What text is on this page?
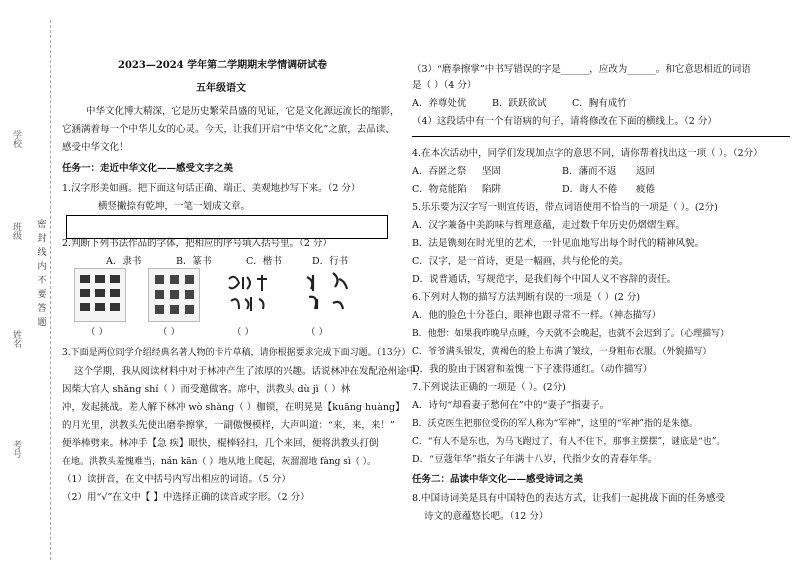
学校
班级
姓名
考号
密
封
线
内
不
要
答
题
2023—2024 学年第二学期期末学情调研试卷
五年级语文
中华文化博大精深，它是历史繁荣昌盛的见证，它是文化源远流长的缩影，
它涵满着每一个中华儿女的心灵。今天，让我们开启“中华文化”之旅，去品读、
感受中华文化！
任务一：走近中华文化——感受文字之美
1.汉字形美如画。把下面这句话正确、端正、美观地抄写下来。（2 分）
横竖撇捺有乾坤，一笔一划成文章。
2.判断下列书法作品的字体，把相应的序号填入括号里。（2 分）
A．隶书	B．篆书	C．楷书	D．行书
（ ）	（ ）	（ ）	（ ）
3.下面是两位同学介绍经典名著人物的卡片草稿，请你根据要求完成下面习题。（13分）
这个学期，我从阅读材料中对于林冲产生了浓厚的兴趣。话说林冲在发配沧州途中，
因柴大官人 shǎng shí（ ）而受邀做客。席中，洪教头 dù jì（ ）林
冲，发起挑战。差人解下林冲 wò shàng（ ）枷锁，在明晃晃【kuāng huàng】
的月光里，洪教头先使出磨拳擦掌，一副傲慢模样，大声叫道：“来，来，来！”
便举棒劈来。林冲手【急 疾】眼快，棍棒轻扫，几个来回，便将洪教头打倒
在地。洪教头羞愧难当，nán kān（ ）地从地上爬起，灰溜溜地 fàng sì（ ）。
（1）读拼音，在文中括号内写出相应的词语。（5 分）
（2）用“√”在文中【 】中选择正确的读音或字形。（2 分）
（3）“磨拳擦掌”中书写错误的字是______，应改为______。和它意思相近的词语
是（ ）（4 分）
A．养尊处优	B．跃跃欲试	C．胸有成竹
（4）这段话中有一个有语病的句子，请将修改在下面的横线上。（2 分）
4.在本次活动中，同学们发现加点字的意思不同，请你帮着找出这一项（ ）。（2分）
A．吞匿之祭 坚固	B．藩而不返 返回
C．物竞能陷 陷阱	D．诲人不倦 疲倦
5.乐乐要为汉字写一则宣传语，带点词语使用不恰当的一项是（ ）。(2分)
A．汉字兼备中美韵味与哲理意蕴，走过数千年历史仍熠熠生辉。
B．法是镌刻在时光里的艺术，一针见血地写出每个时代的精神风貌。
C．汉字，是一首诗，更是一幅画，共与伦伦的美。
D．说普通话，写规范字，是我们每个中国人义不容辞的责任。
6.下列对人物的描写方法判断有误的一项是（ ）(2 分)
A．他的脸色十分苍白，眼神也跟寻常不一样。（神态描写）
B．他想：如果我昨晚早点睡，今天就不会晚起，也就不会迟到了。（心理描写）
C．爷爷满头银发，黄褐色的脸上布满了皱纹，一身粗布衣服。（外貌描写）
D．我的脸由于困窘和羞愧一下子涨得通红。（动作描写）
7.下列说法正确的一项是（ ）。(2分)
A．诗句“却看妻子愁何在”中的“妻子”指妻子。
B．沃克医生把那位受伤的军人称为“军神”，这里的“军神”指的是朱德。
C．“有人不是东也，为马飞跑过了，有人不住下，那事主摆摆”，谜底是“也”。
D．“豆蔻年华”指女子年满十八岁，代指少女的青春年华。
任务二：品读中华文化——感受诗词之美
8.中国诗词美是具有中国特色的表达方式，让我们一起挑战下面的任务感受
诗文的意蕴悠长吧。（12 分）
